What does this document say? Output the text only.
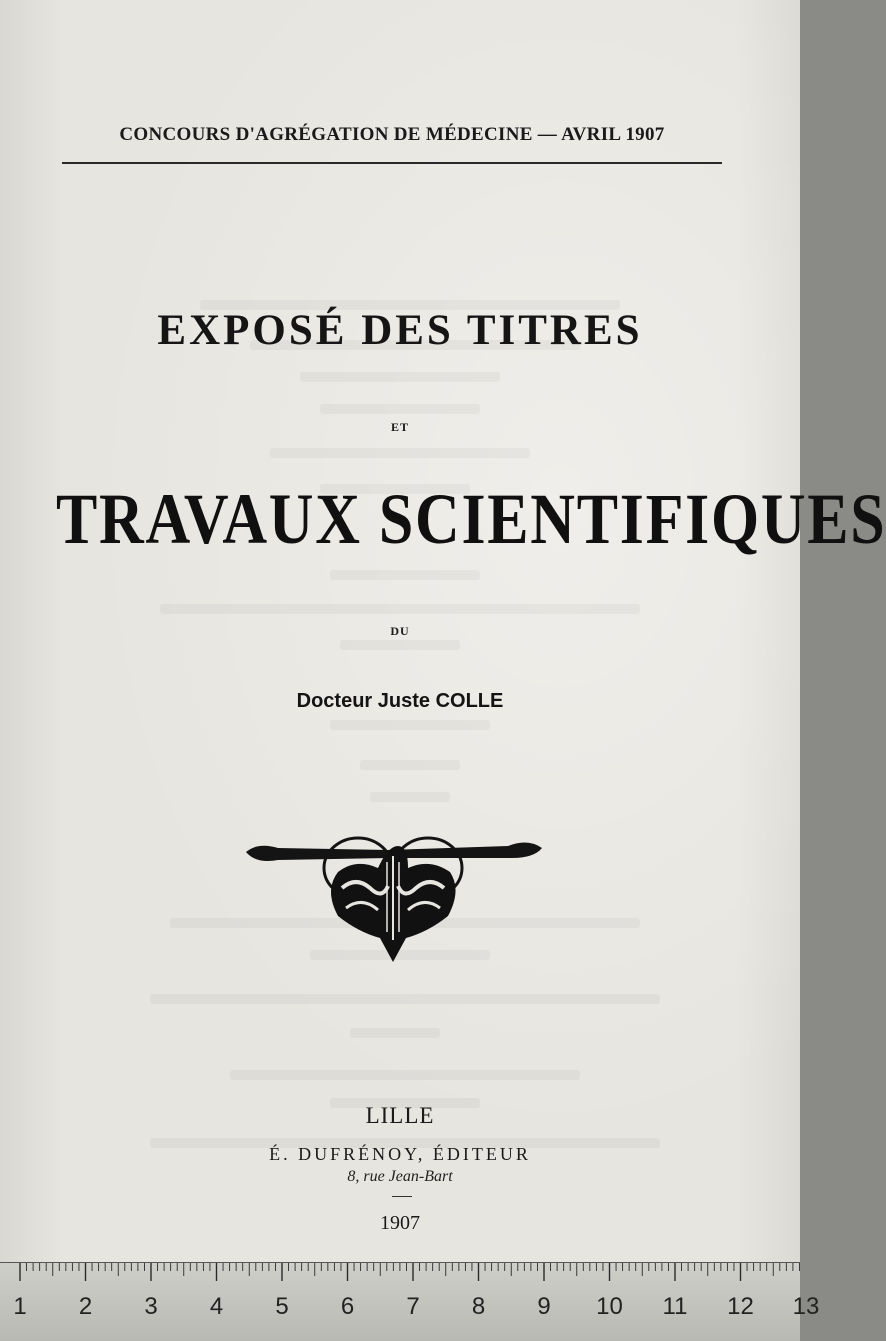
CONCOURS D'AGRÉGATION DE MÉDECINE — AVRIL 1907
EXPOSÉ DES TITRES
ET
TRAVAUX SCIENTIFIQUES
DU
Docteur Juste COLLE
LILLE
É. DUFRÉNOY, ÉDITEUR
8, rue Jean-Bart
1907
1 2 3 4 5 6 7 8 9 10 11 12 13
